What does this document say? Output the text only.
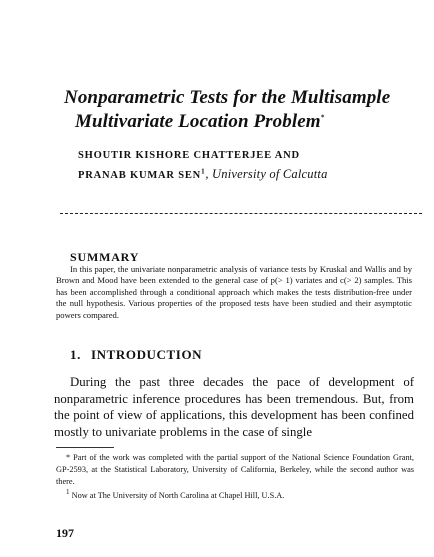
Nonparametric Tests for the Multisample
Multivariate Location Problem*
SHOUTIR KISHORE CHATTERJEE AND
PRANAB KUMAR SEN$^1$, University of Calcutta
SUMMARY
In this paper, the univariate nonparametric analysis of variance tests by Kruskal and Wallis and by Brown and Mood have been extended to the general case of p(> 1) variates and c(> 2) samples. This has been accomplished through a conditional approach which makes the tests distribution-free under the null hypothesis. Various properties of the proposed tests have been studied and their asymptotic powers compared.
1. INTRODUCTION
During the past three decades the pace of development of nonparametric inference procedures has been tremendous. But, from the point of view of applications, this development has been confined mostly to univariate problems in the case of single

* Part of the work was completed with the partial support of the National Science Foundation Grant, GP-2593, at the Statistical Laboratory, University of California, Berkeley, while the second author was there.

$^1$ Now at The University of North Carolina at Chapel Hill, U.S.A.

197
